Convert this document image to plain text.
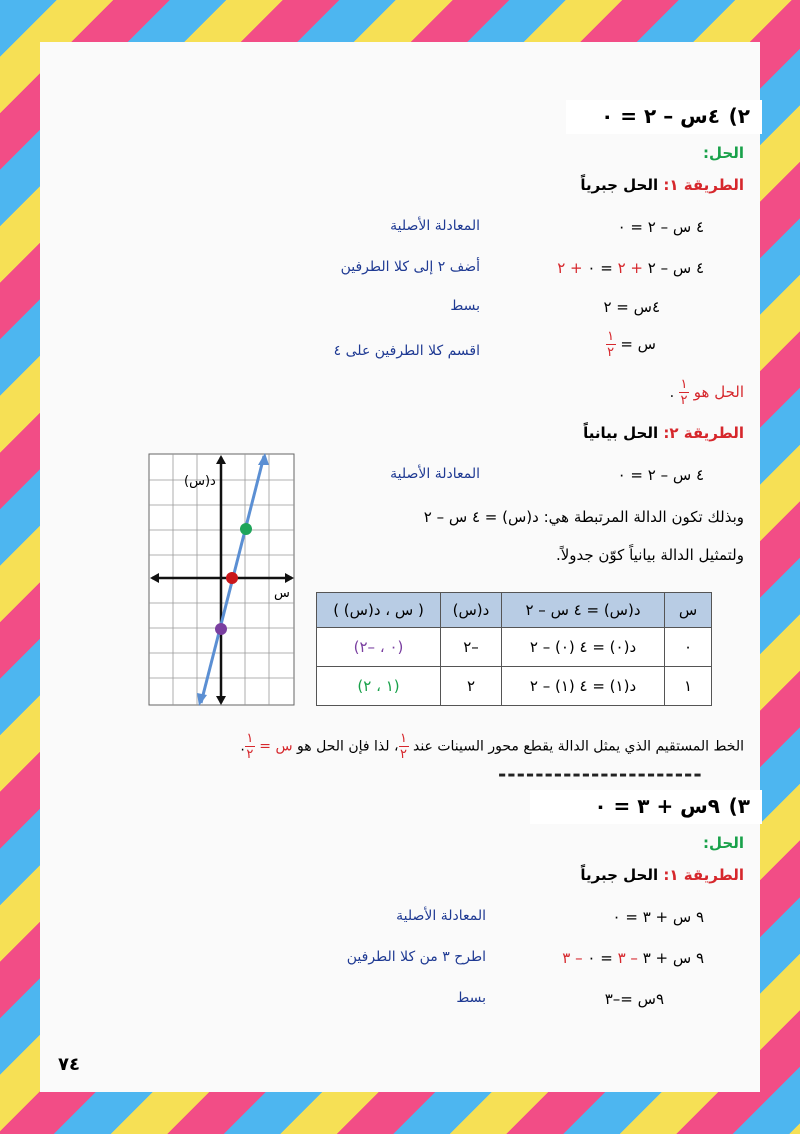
٢)
٤س – ٢ = ٠
الحل:
الطريقة ١: الحل جبرياً
٤ س – ٢ = ٠
المعادلة الأصلية
٤ س – ٢ + ٢ = ٠ + ٢
أضف ٢ إلى كلا الطرفين
٤س = ٢
بسط
س =
$\frac{١}{٢}$
اقسم كلا الطرفين على ٤
الحل هو
$\frac{١}{٢}$
.
الطريقة ٢: الحل بيانياً
٤ س – ٢ = ٠
المعادلة الأصلية
وبذلك تكون الدالة المرتبطة هي: د(س) = ٤ س – ٢
ولتمثيل الدالة بيانياً كوّن جدولاً.
د(س)
س
س	د(س) = ٤ س – ٢	د(س)	( س ، د(س) )
٠	د(٠) = ٤ (٠) – ٢	–٢	(٠ ، –٢)
١	د(١) = ٤ (١) – ٢	٢	(١ ، ٢)
الخط المستقيم الذي يمثل الدالة يقطع محور السينات عند
$\frac{١}{٢}$
، لذا فإن الحل هو س =
$\frac{١}{٢}$
.
----------------------
٣)
٩س + ٣ = ٠
الحل:
الطريقة ١: الحل جبرياً
٩ س + ٣ = ٠
المعادلة الأصلية
٩ س + ٣ – ٣ = ٠ – ٣
اطرح ٣ من كلا الطرفين
٩س =–٣
بسط
٧٤
